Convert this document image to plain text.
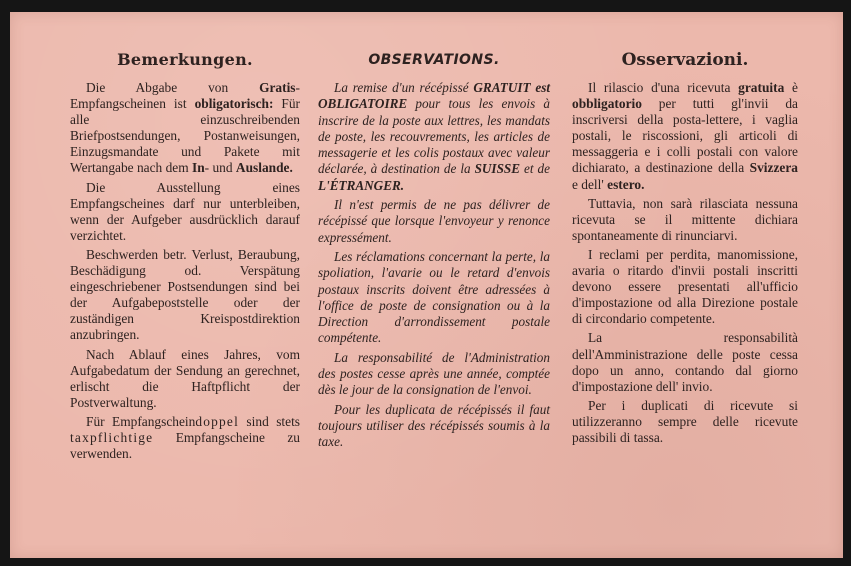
Bemerkungen.

Die Abgabe von Gratis-Empfangscheinen ist obligatorisch: Für alle einzuschreibenden Briefpostsendungen, Postanweisungen, Einzugsmandate und Pakete mit Wertangabe nach dem In- und Auslande.

Die Ausstellung eines Empfangscheines darf nur unterbleiben, wenn der Aufgeber ausdrücklich darauf verzichtet.

Beschwerden betr. Verlust, Beraubung, Beschädigung od. Verspätung eingeschriebener Postsendungen sind bei der Aufgabepoststelle oder der zuständigen Kreispostdirektion anzubringen.

Nach Ablauf eines Jahres, vom Aufgabedatum der Sendung an gerechnet, erlischt die Haftpflicht der Postverwaltung.

Für Empfangscheindoppel sind stets taxpflichtige Empfangscheine zu verwenden.

OBSERVATIONS.

La remise d'un récépissé GRATUIT est OBLIGATOIRE pour tous les envois à inscrire de la poste aux lettres, les mandats de poste, les recouvrements, les articles de messagerie et les colis postaux avec valeur déclarée, à destination de la SUISSE et de L'ÉTRANGER.

Il n'est permis de ne pas délivrer de récépissé que lorsque l'envoyeur y renonce expressément.

Les réclamations concernant la perte, la spoliation, l'avarie ou le retard d'envois postaux inscrits doivent être adressées à l'office de poste de consignation ou à la Direction d'arrondissement postale compétente.

La responsabilité de l'Administration des postes cesse après une année, comptée dès le jour de la consignation de l'envoi.

Pour les duplicata de récépissés il faut toujours utiliser des récépissés soumis à la taxe.

Osservazioni.

Il rilascio d'una ricevuta gratuita è obbligatorio per tutti gl'invii da inscriversi della posta-lettere, i vaglia postali, le riscossioni, gli articoli di messaggeria e i colli postali con valore dichiarato, a destinazione della Svizzera e dell' estero.

Tuttavia, non sarà rilasciata nessuna ricevuta se il mittente dichiara spontaneamente di rinunciarvi.

I reclami per perdita, manomissione, avaria o ritardo d'invii postali inscritti devono essere presentati all'ufficio d'impostazione od alla Direzione postale di circondario competente.

La responsabilità dell'Amministrazione delle poste cessa dopo un anno, contando dal giorno d'impostazione dell' invio.

Per i duplicati di ricevute si utilizzeranno sempre delle ricevute passibili di tassa.
